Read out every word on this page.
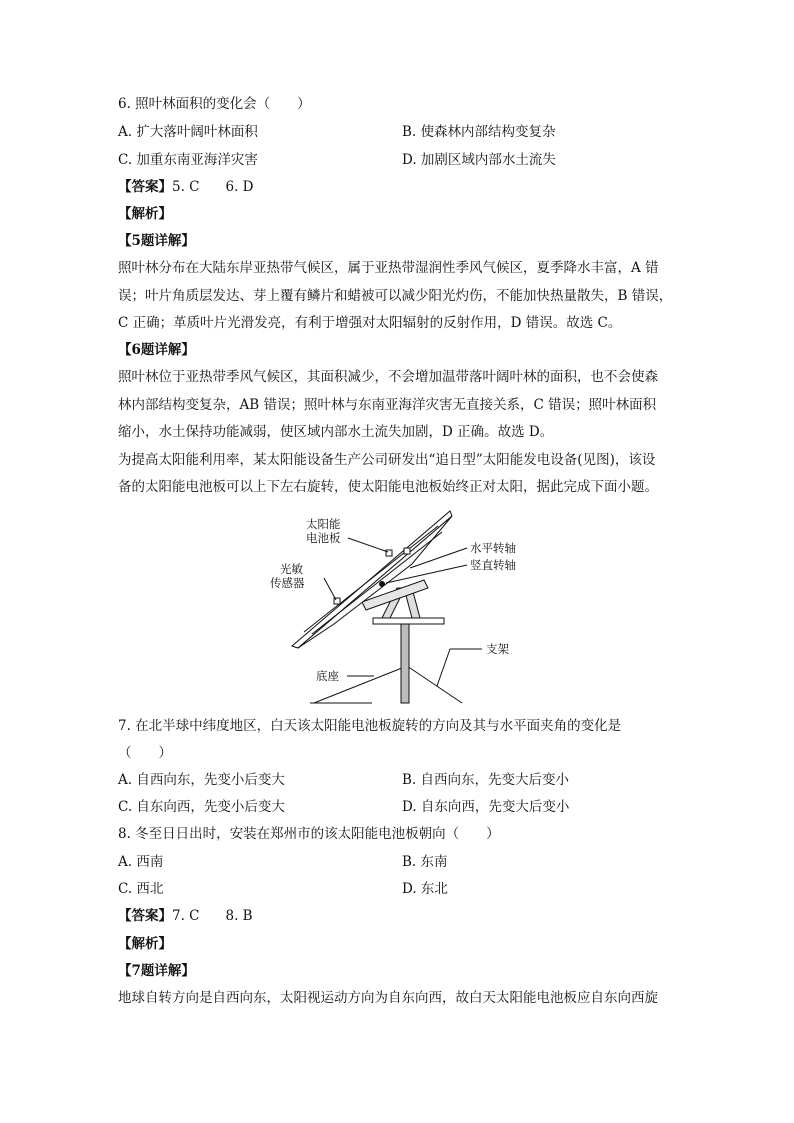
6. 照叶林面积的变化会（　　）
A. 扩大落叶阔叶林面积	B. 使森林内部结构变复杂
C. 加重东南亚海洋灾害	D. 加剧区域内部水土流失
【答案】5. C 6. D
【解析】
【5题详解】
照叶林分布在大陆东岸亚热带气候区，属于亚热带湿润性季风气候区，夏季降水丰富，A 错
误；叶片角质层发达、芽上覆有鳞片和蜡被可以减少阳光灼伤，不能加快热量散失，B 错误，
C 正确；革质叶片光滑发亮，有利于增强对太阳辐射的反射作用，D 错误。故选 C。
【6题详解】
照叶林位于亚热带季风气候区，其面积减少，不会增加温带落叶阔叶林的面积，也不会使森
林内部结构变复杂，AB 错误；照叶林与东南亚海洋灾害无直接关系，C 错误；照叶林面积
缩小，水土保持功能减弱，使区域内部水土流失加剧，D 正确。故选 D。
为提高太阳能利用率，某太阳能设备生产公司研发出“追日型”太阳能发电设备(见图)，该设
备的太阳能电池板可以上下左右旋转，使太阳能电池板始终正对太阳，据此完成下面小题。
太阳能
电池板
光敏
传感器
水平转轴
竖直转轴
支架
底座
7. 在北半球中纬度地区，白天该太阳能电池板旋转的方向及其与水平面夹角的变化是
（　　）
A. 自西向东，先变小后变大	B. 自西向东，先变大后变小
C. 自东向西，先变小后变大	D. 自东向西，先变大后变小
8. 冬至日日出时，安装在郑州市的该太阳能电池板朝向（　　）
A. 西南	B. 东南
C. 西北	D. 东北
【答案】7. C 8. B
【解析】
【7题详解】
地球自转方向是自西向东，太阳视运动方向为自东向西，故白天太阳能电池板应自东向西旋
